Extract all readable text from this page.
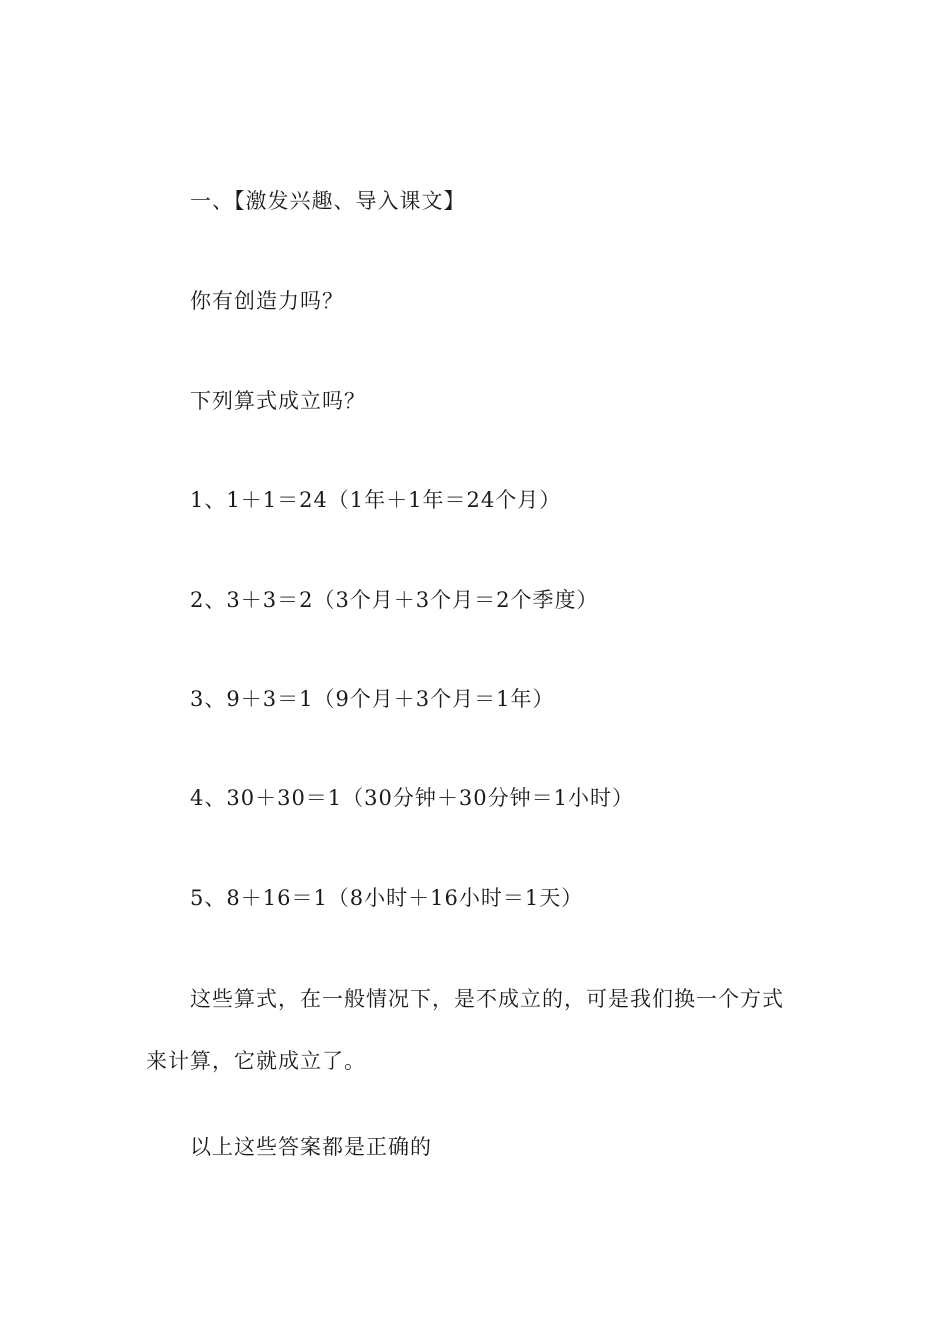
一、【激发兴趣、导入课文】
你有创造力吗？
下列算式成立吗？
1、1＋1＝24（1年＋1年＝24个月）
2、3＋3＝2（3个月＋3个月＝2个季度）
3、9＋3＝1（9个月＋3个月＝1年）
4、30＋30＝1（30分钟＋30分钟＝1小时）
5、8＋16＝1（8小时＋16小时＝1天）
这些算式，在一般情况下，是不成立的，可是我们换一个方式
来计算，它就成立了。
以上这些答案都是正确的
